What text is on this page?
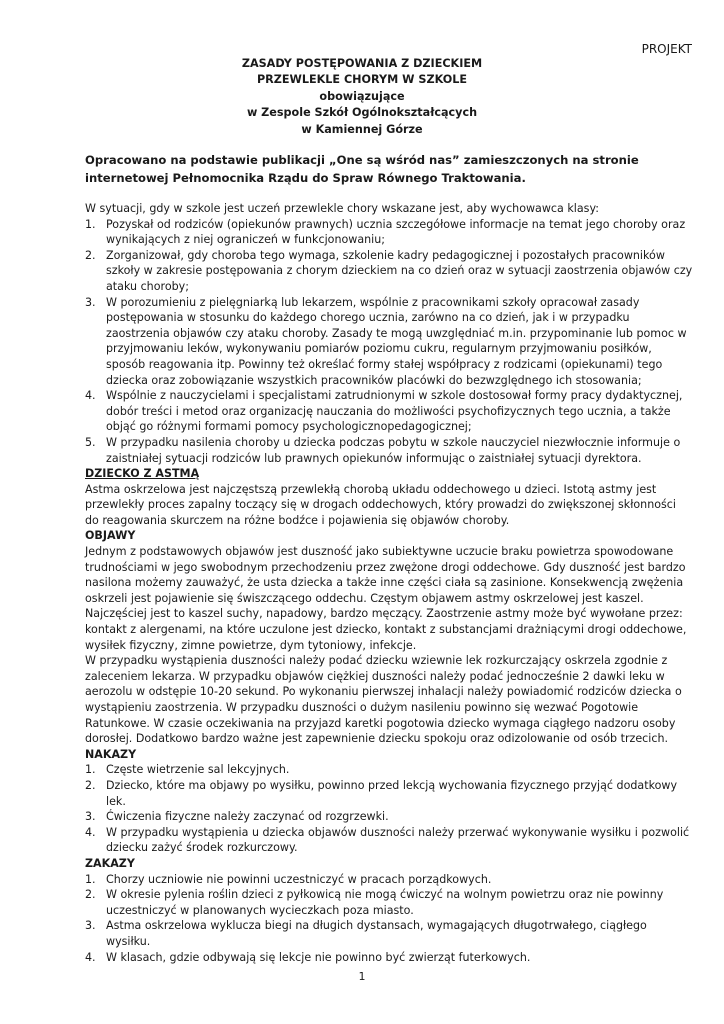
PROJEKT
ZASADY POSTĘPOWANIA Z DZIECKIEM
PRZEWLEKLE CHORYM W SZKOLE
obowiązujące
w Zespole Szkół Ogólnokształcących
w Kamiennej Górze
Opracowano na podstawie publikacji „One są wśród nas” zamieszczonych na stronie internetowej Pełnomocnika Rządu do Spraw Równego Traktowania.

W sytuacji, gdy w szkole jest uczeń przewlekle chory wskazane jest, aby wychowawca klasy:

1. Pozyskał od rodziców (opiekunów prawnych) ucznia szczegółowe informacje na temat jego choroby oraz wynikających z niej ograniczeń w funkcjonowaniu;
2. Zorganizował, gdy choroba tego wymaga, szkolenie kadry pedagogicznej i pozostałych pracowników szkoły w zakresie postępowania z chorym dzieckiem na co dzień oraz w sytuacji zaostrzenia objawów czy ataku choroby;
3. W porozumieniu z pielęgniarką lub lekarzem, wspólnie z pracownikami szkoły opracował zasady postępowania w stosunku do każdego chorego ucznia, zarówno na co dzień, jak i w przypadku zaostrzenia objawów czy ataku choroby. Zasady te mogą uwzględniać m.in. przypominanie lub pomoc w przyjmowaniu leków, wykonywaniu pomiarów poziomu cukru, regularnym przyjmowaniu posiłków, sposób reagowania itp. Powinny też określać formy stałej współpracy z rodzicami (opiekunami) tego dziecka oraz zobowiązanie wszystkich pracowników placówki do bezwzględnego ich stosowania;
4. Wspólnie z nauczycielami i specjalistami zatrudnionymi w szkole dostosował formy pracy dydaktycznej, dobór treści i metod oraz organizację nauczania do możliwości psychofizycznych tego ucznia, a także objąć go różnymi formami pomocy psychologicznopedagogicznej;
5. W przypadku nasilenia choroby u dziecka podczas pobytu w szkole nauczyciel niezwłocznie informuje o zaistniałej sytuacji rodziców lub prawnych opiekunów informując o zaistniałej sytuacji dyrektora.

DZIECKO Z ASTMĄ

Astma oskrzelowa jest najczęstszą przewlekłą chorobą układu oddechowego u dzieci. Istotą astmy jest przewlekły proces zapalny toczący się w drogach oddechowych, który prowadzi do zwiększonej skłonności do reagowania skurczem na różne bodźce i pojawienia się objawów choroby.

OBJAWY

Jednym z podstawowych objawów jest duszność jako subiektywne uczucie braku powietrza spowodowane trudnościami w jego swobodnym przechodzeniu przez zwężone drogi oddechowe. Gdy duszność jest bardzo nasilona możemy zauważyć, że usta dziecka a także inne części ciała są zasinione. Konsekwencją zwężenia oskrzeli jest pojawienie się świszczącego oddechu. Częstym objawem astmy oskrzelowej jest kaszel. Najczęściej jest to kaszel suchy, napadowy, bardzo męczący. Zaostrzenie astmy może być wywołane przez: kontakt z alergenami, na które uczulone jest dziecko, kontakt z substancjami drażniącymi drogi oddechowe, wysiłek fizyczny, zimne powietrze, dym tytoniowy, infekcje.

W przypadku wystąpienia duszności należy podać dziecku wziewnie lek rozkurczający oskrzela zgodnie z zaleceniem lekarza. W przypadku objawów ciężkiej duszności należy podać jednocześnie 2 dawki leku w aerozolu w odstępie 10-20 sekund. Po wykonaniu pierwszej inhalacji należy powiadomić rodziców dziecka o wystąpieniu zaostrzenia. W przypadku duszności o dużym nasileniu powinno się wezwać Pogotowie Ratunkowe. W czasie oczekiwania na przyjazd karetki pogotowia dziecko wymaga ciągłego nadzoru osoby dorosłej. Dodatkowo bardzo ważne jest zapewnienie dziecku spokoju oraz odizolowanie od osób trzecich.

NAKAZY

1. Częste wietrzenie sal lekcyjnych.
2. Dziecko, które ma objawy po wysiłku, powinno przed lekcją wychowania fizycznego przyjąć dodatkowy lek.
3. Ćwiczenia fizyczne należy zaczynać od rozgrzewki.
4. W przypadku wystąpienia u dziecka objawów duszności należy przerwać wykonywanie wysiłku i pozwolić dziecku zażyć środek rozkurczowy.

ZAKAZY

1. Chorzy uczniowie nie powinni uczestniczyć w pracach porządkowych.
2. W okresie pylenia roślin dzieci z pyłkowicą nie mogą ćwiczyć na wolnym powietrzu oraz nie powinny uczestniczyć w planowanych wycieczkach poza miasto.
3. Astma oskrzelowa wyklucza biegi na długich dystansach, wymagających długotrwałego, ciągłego wysiłku.
4. W klasach, gdzie odbywają się lekcje nie powinno być zwierząt futerkowych.
1
